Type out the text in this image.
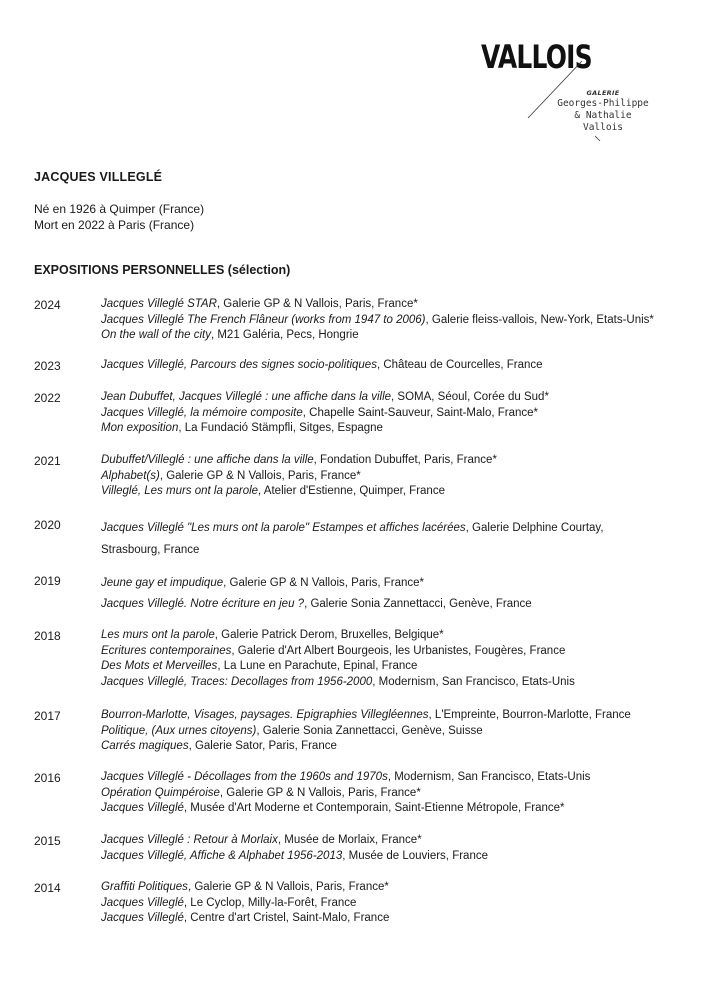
VALLOIS
GALERIE
Georges-Philippe
& Nathalie
Vallois
JACQUES VILLEGLÉ
Né en 1926 à Quimper (France)
Mort en 2022 à Paris (France)
EXPOSITIONS PERSONNELLES (sélection)
2024	Jacques Villeglé STAR, Galerie GP & N Vallois, Paris, France*
Jacques Villeglé The French Flâneur (works from 1947 to 2006), Galerie fleiss-vallois, New-York, Etats-Unis*
On the wall of the city, M21 Galéria, Pecs, Hongrie
2023	Jacques Villeglé, Parcours des signes socio-politiques, Château de Courcelles, France
2022	Jean Dubuffet, Jacques Villeglé : une affiche dans la ville, SOMA, Séoul, Corée du Sud*
Jacques Villeglé, la mémoire composite, Chapelle Saint-Sauveur, Saint-Malo, France*
Mon exposition, La Fundació Stämpfli, Sitges, Espagne
2021	Dubuffet/Villeglé : une affiche dans la ville, Fondation Dubuffet, Paris, France*
Alphabet(s), Galerie GP & N Vallois, Paris, France*
Villeglé, Les murs ont la parole, Atelier d'Estienne, Quimper, France
2020	Jacques Villeglé "Les murs ont la parole" Estampes et affiches lacérées, Galerie Delphine Courtay,
Strasbourg, France
2019	Jeune gay et impudique, Galerie GP & N Vallois, Paris, France*
Jacques Villeglé. Notre écriture en jeu ?, Galerie Sonia Zannettacci, Genève, France
2018	Les murs ont la parole, Galerie Patrick Derom, Bruxelles, Belgique*
Ecritures contemporaines, Galerie d'Art Albert Bourgeois, les Urbanistes, Fougères, France
Des Mots et Merveilles, La Lune en Parachute, Epinal, France
Jacques Villeglé, Traces: Decollages from 1956-2000, Modernism, San Francisco, Etats-Unis
2017	Bourron-Marlotte, Visages, paysages. Epigraphies Villegléennes, L'Empreinte, Bourron-Marlotte, France
Politique, (Aux urnes citoyens), Galerie Sonia Zannettacci, Genève, Suisse
Carrés magiques, Galerie Sator, Paris, France
2016	Jacques Villeglé - Décollages from the 1960s and 1970s, Modernism, San Francisco, Etats-Unis
Opération Quimpéroise, Galerie GP & N Vallois, Paris, France*
Jacques Villeglé, Musée d'Art Moderne et Contemporain, Saint-Etienne Métropole, France*
2015	Jacques Villeglé : Retour à Morlaix, Musée de Morlaix, France*
Jacques Villeglé, Affiche & Alphabet 1956-2013, Musée de Louviers, France
2014	Graffiti Politiques, Galerie GP & N Vallois, Paris, France*
Jacques Villeglé, Le Cyclop, Milly-la-Forêt, France
Jacques Villeglé, Centre d'art Cristel, Saint-Malo, France
